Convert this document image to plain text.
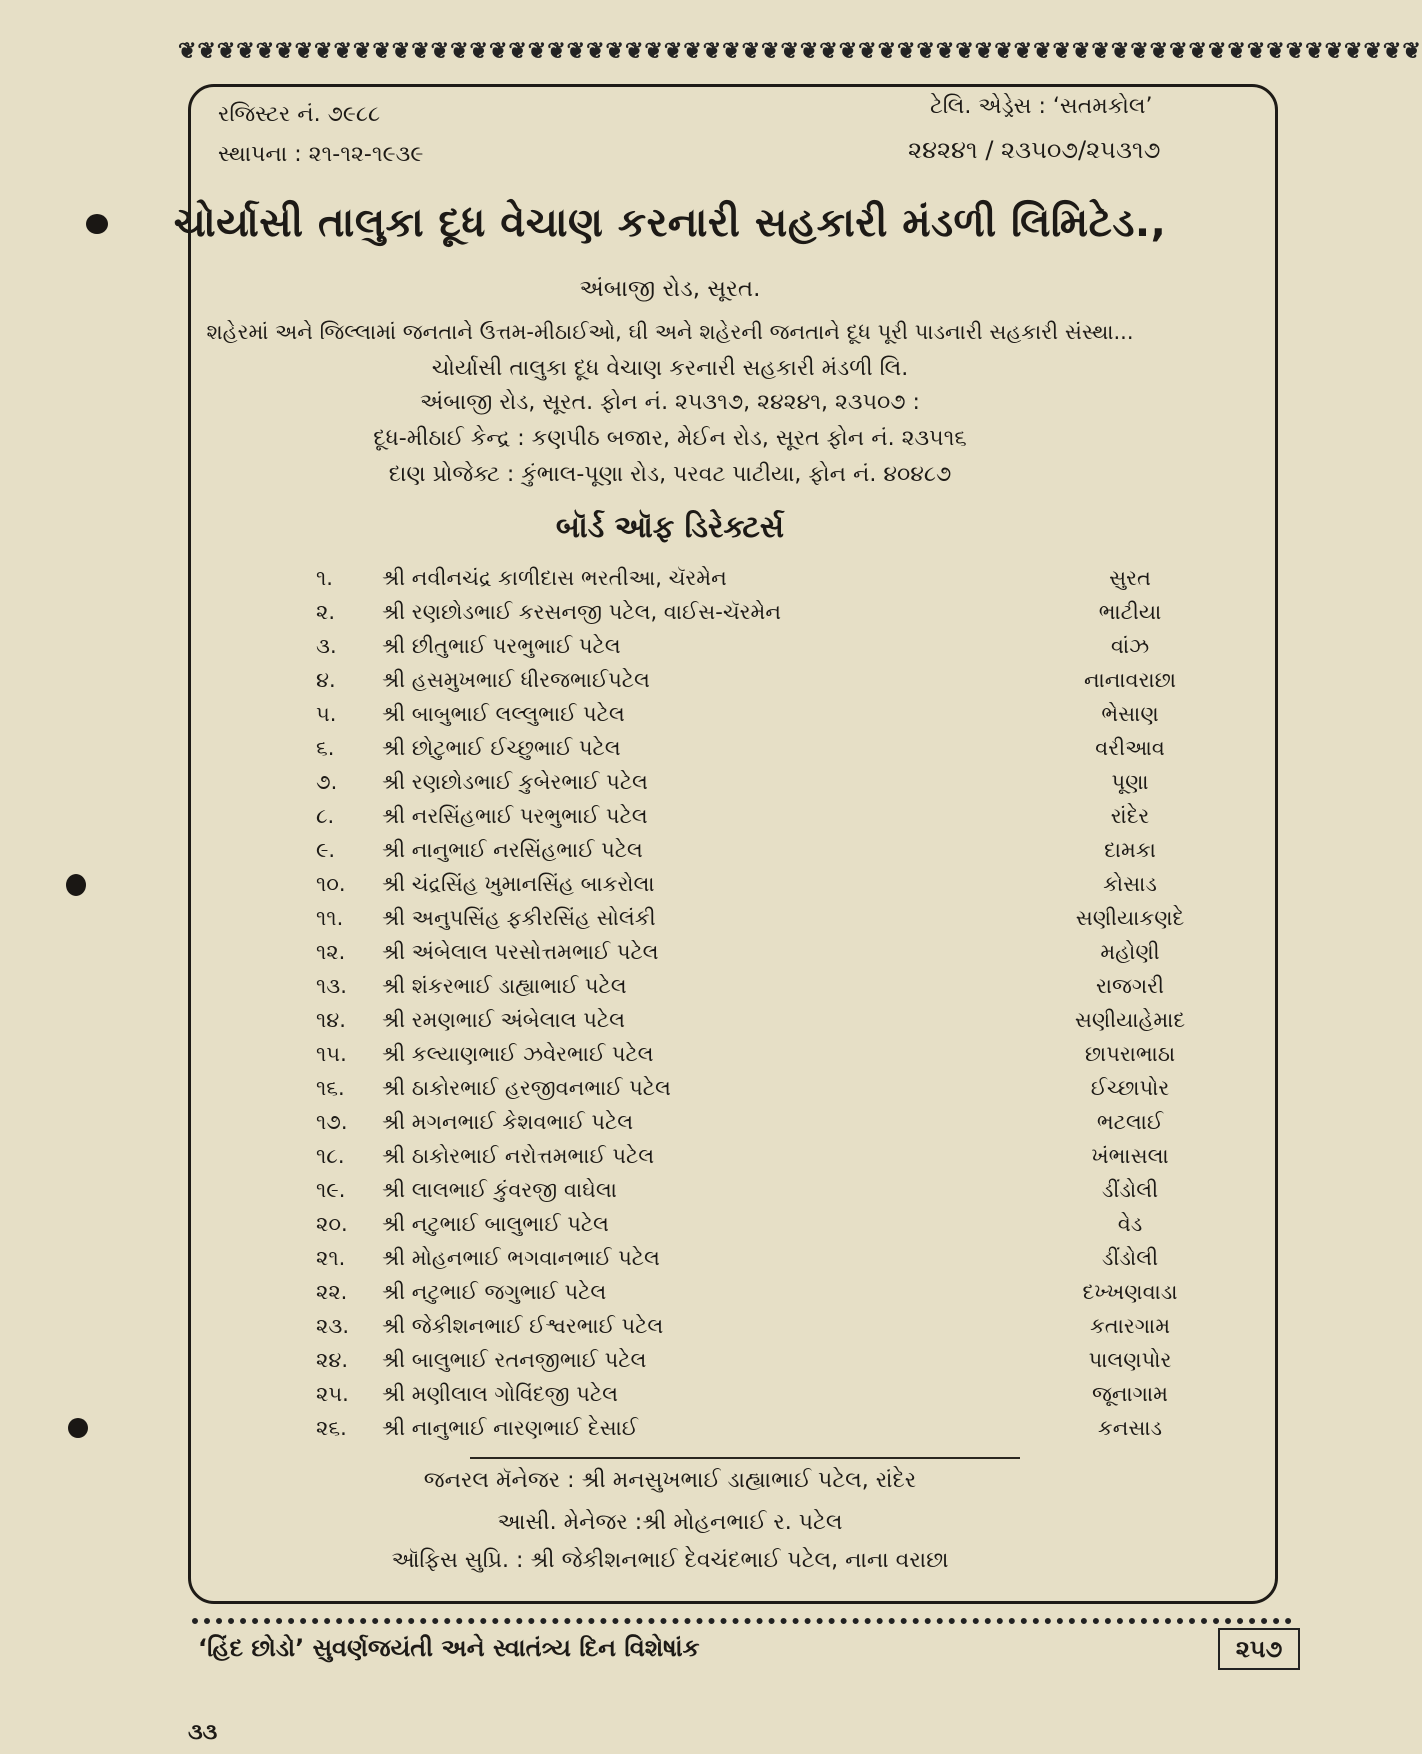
❦❦❦❦❦❦❦❦❦❦❦❦❦❦❦❦❦❦❦❦❦❦❦❦❦❦❦❦❦❦❦❦❦❦❦❦❦❦❦❦❦❦❦❦❦❦❦❦❦❦❦❦❦❦❦❦❦❦❦❦❦❦❦❦
રજિસ્ટર નં. ૭૯૮૮
સ્થાપના : ૨૧-૧૨-૧૯૩૯
ટેલિ. એડ્રેસ : ‘સતમકોલ’
૨૪૨૪૧ / ૨૩૫૦૭/૨૫૩૧૭
ચોર્યાસી તાલુકા દૂધ વેચાણ કરનારી સહકારી મંડળી લિમિટેડ.,
અંબાજી રોડ, સૂરત.
શહેરમાં અને જિલ્લામાં જનતાને ઉત્તમ-મીઠાઈઓ, ઘી અને શહેરની જનતાને દૂધ પૂરી પાડનારી સહકારી સંસ્થા...
ચોર્યાસી તાલુકા દૂધ વેચાણ કરનારી સહકારી મંડળી લિ.
અંબાજી રોડ, સૂરત. ફોન નં. ૨૫૩૧૭, ૨૪૨૪૧, ૨૩૫૦૭ :
દૂધ-મીઠાઈ કેન્દ્ર : કણપીઠ બજાર, મેઈન રોડ, સૂરત ફોન નં. ૨૩૫૧૬
દાણ પ્રોજેક્ટ : કુંભાલ-પૂણા રોડ, પરવટ પાટીયા, ફોન નં. ૪૦૪૮૭
બૉર્ડ ઑફ ડિરેક્ટર્સ
૧. શ્રી નવીનચંદ્ર કાળીદાસ ભરતીઆ, ચૅરમેન	સુરત
૨. શ્રી રણછોડભાઈ કરસનજી પટેલ, વાઈસ-ચૅરમેન	ભાટીયા
૩. શ્રી છીતુભાઈ પરભુભાઈ પટેલ	વાંઝ
૪. શ્રી હસમુખભાઈ ધીરજભાઈપટેલ	નાનાવરાછા
૫. શ્રી બાબુભાઈ લલ્લુભાઈ પટેલ	ભેસાણ
૬. શ્રી છોટુભાઈ ઈચ્છુભાઈ પટેલ	વરીઆવ
૭. શ્રી રણછોડભાઈ કુબેરભાઈ પટેલ	પૂણા
૮. શ્રી નરસિંહભાઈ પરભુભાઈ પટેલ	રાંદેર
૯. શ્રી નાનુભાઈ નરસિંહભાઈ પટેલ	દામકા
૧૦. શ્રી ચંદ્રસિંહ ખુમાનસિંહ બાકરોલા	કોસાડ
૧૧. શ્રી અનુપસિંહ ફકીરસિંહ સોલંકી	સણીયાકણદે
૧૨. શ્રી અંબેલાલ પરસોત્તમભાઈ પટેલ	મહોણી
૧૩. શ્રી શંકરભાઈ ડાહ્યાભાઈ પટેલ	રાજગરી
૧૪. શ્રી રમણભાઈ અંબેલાલ પટેલ	સણીયાહેમાદ
૧૫. શ્રી કલ્યાણભાઈ ઝવેરભાઈ પટેલ	છાપરાભાઠા
૧૬. શ્રી ઠાકોરભાઈ હરજીવનભાઈ પટેલ	ઈચ્છાપોર
૧૭. શ્રી મગનભાઈ કેશવભાઈ પટેલ	ભટલાઈ
૧૮. શ્રી ઠાકોરભાઈ નરોત્તમભાઈ પટેલ	ખંભાસલા
૧૯. શ્રી લાલભાઈ કુંવરજી વાઘેલા	ડીંડોલી
૨૦. શ્રી નટુભાઈ બાલુભાઈ પટેલ	વેડ
૨૧. શ્રી મોહનભાઈ ભગવાનભાઈ પટેલ	ડીંડોલી
૨૨. શ્રી નટુભાઈ જગુભાઈ પટેલ	દખ્ખણવાડા
૨૩. શ્રી જેકીશનભાઈ ઈશ્વરભાઈ પટેલ	કતારગામ
૨૪. શ્રી બાલુભાઈ રતનજીભાઈ પટેલ	પાલણપોર
૨૫. શ્રી મણીલાલ ગોવિંદજી પટેલ	જૂનાગામ
૨૬. શ્રી નાનુભાઈ નારણભાઈ દેસાઈ	કનસાડ
જનરલ મૅનેજર : શ્રી મનસુખભાઈ ડાહ્યાભાઈ પટેલ, રાંદેર
આસી. મેનેજર :શ્રી મોહનભાઈ ર. પટેલ
ઑફિસ સુપ્રિ. : શ્રી જેકીશનભાઈ દેવચંદભાઈ પટેલ, નાના વરાછા
‘હિંદ છોડો’ સુવર્ણજયંતી અને સ્વાતંત્ર્ય દિન વિશેષાંક	૨૫૭
૩૩
